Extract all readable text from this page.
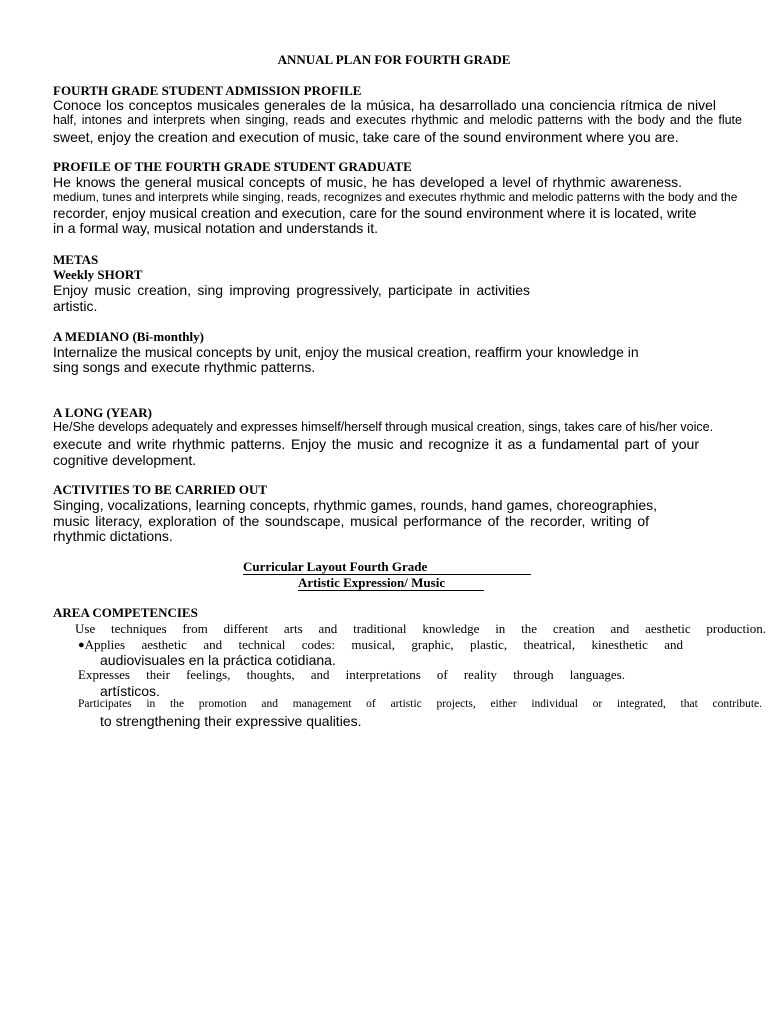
ANNUAL PLAN FOR FOURTH GRADE
FOURTH GRADE STUDENT ADMISSION PROFILE
Conoce los conceptos musicales generales de la música, ha desarrollado una conciencia rítmica de nivel
half, intones and interprets when singing, reads and executes rhythmic and melodic patterns with the body and the flute
sweet, enjoy the creation and execution of music, take care of the sound environment where you are.
PROFILE OF THE FOURTH GRADE STUDENT GRADUATE
He knows the general musical concepts of music, he has developed a level of rhythmic awareness.
medium, tunes and interprets while singing, reads, recognizes and executes rhythmic and melodic patterns with the body and the
recorder, enjoy musical creation and execution, care for the sound environment where it is located, write
in a formal way, musical notation and understands it.
METAS
Weekly SHORT
Enjoy music creation, sing improving progressively, participate in activities
artistic.
A MEDIANO (Bi-monthly)
Internalize the musical concepts by unit, enjoy the musical creation, reaffirm your knowledge in
sing songs and execute rhythmic patterns.
A LONG (YEAR)
He/She develops adequately and expresses himself/herself through musical creation, sings, takes care of his/her voice.
execute and write rhythmic patterns. Enjoy the music and recognize it as a fundamental part of your
cognitive development.
ACTIVITIES TO BE CARRIED OUT
Singing, vocalizations, learning concepts, rhythmic games, rounds, hand games, choreographies,
music literacy, exploration of the soundscape, musical performance of the recorder, writing of
rhythmic dictations.
Curricular Layout Fourth Grade
Artistic Expression/ Music
AREA COMPETENCIES
Use techniques from different arts and traditional knowledge in the creation and aesthetic production.
● Applies aesthetic and technical codes: musical, graphic, plastic, theatrical, kinesthetic and
audiovisuales en la práctica cotidiana.
Expresses their feelings, thoughts, and interpretations of reality through languages.
artísticos.
Participates in the promotion and management of artistic projects, either individual or integrated, that contribute.
to strengthening their expressive qualities.
